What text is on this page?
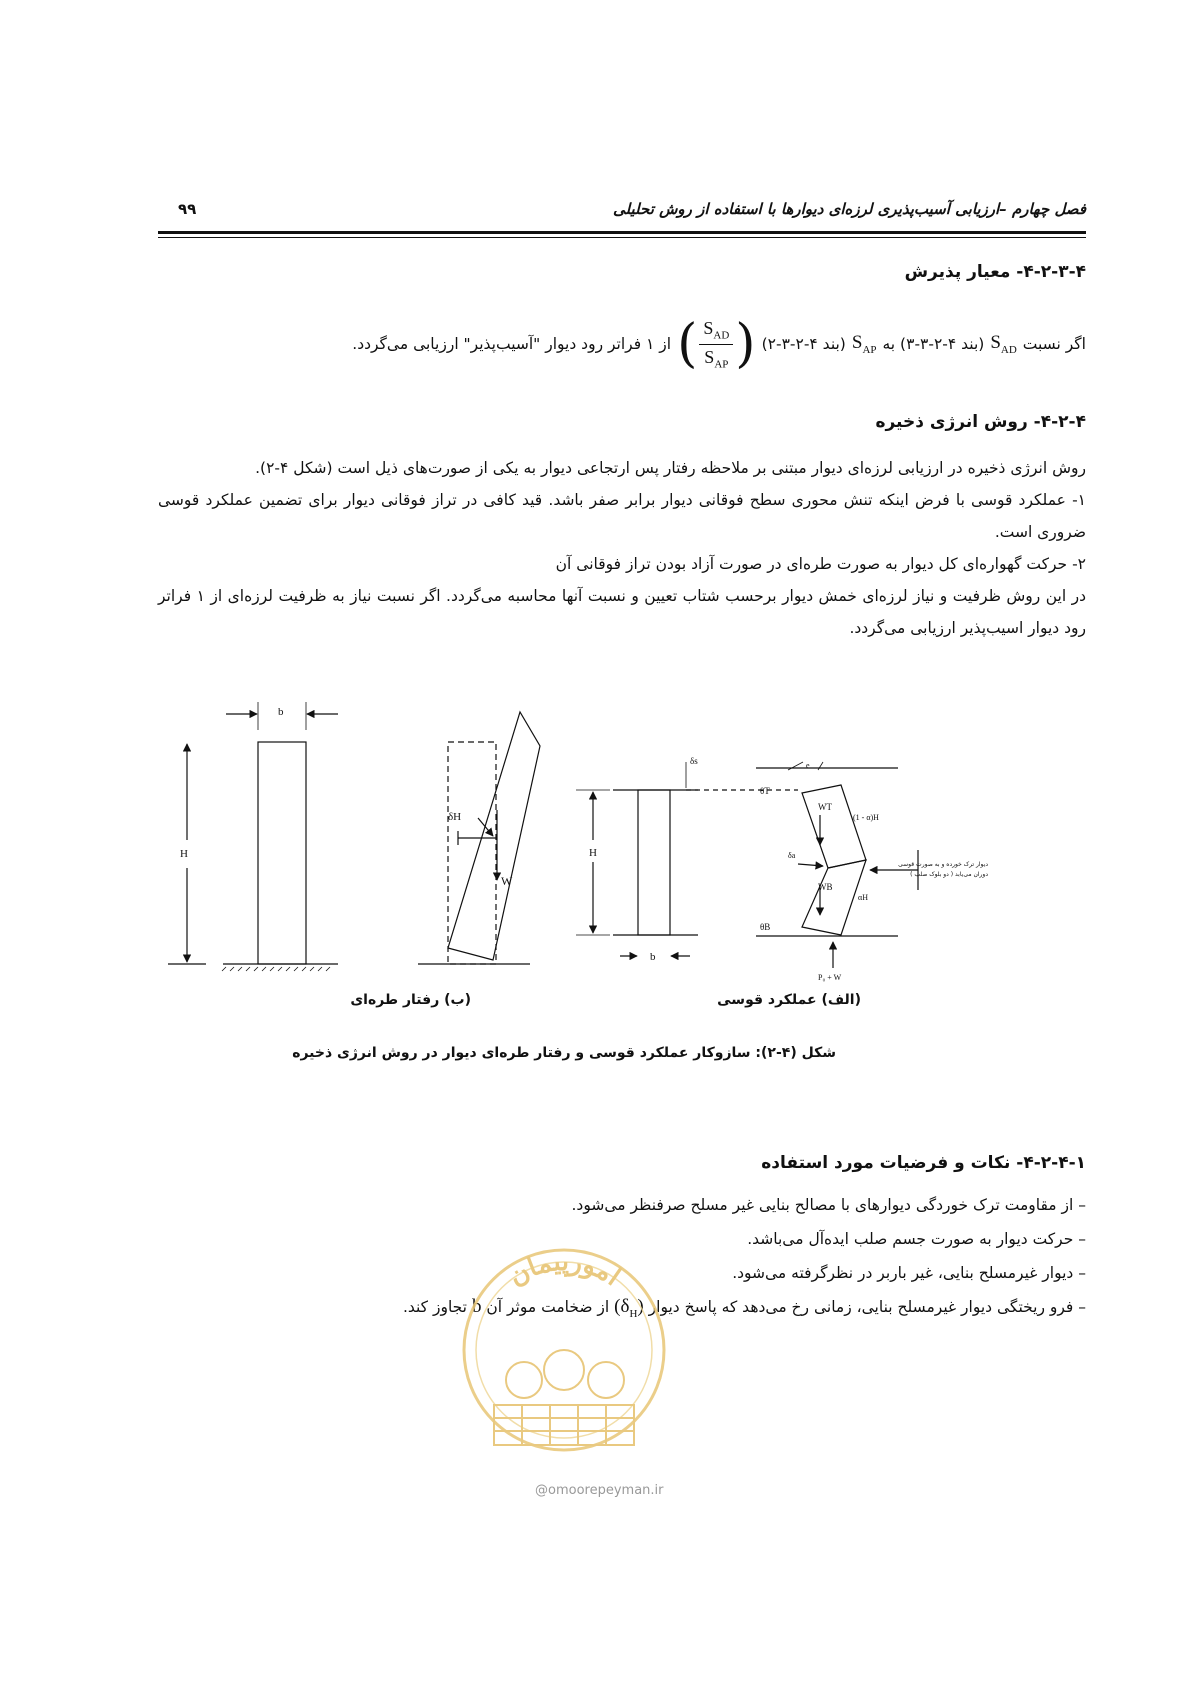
فصل چهارم –ارزیابی آسیب‌پذیری لرزه‌ای دیوارها با استفاده از روش تحلیلی
۹۹
۴-۲-۳-۴- معیار پذیرش
اگر نسبت
$S_{AD}$
(بند ۴-۲-۳-۳) به
$S_{AP}$
(بند ۴-۲-۳-۲)
( $\frac{S_{AD}}{S_{AP}}$ )
از ۱ فراتر رود دیوار "آسیب‌پذیر" ارزیابی می‌گردد.
۴-۲-۴- روش انرژی ذخیره

روش انرژی ذخیره در ارزیابی لرزه‌ای دیوار مبتنی بر ملاحظه رفتار پس ارتجاعی دیوار به یکی از صورت‌های ذیل است (شکل ۴-۲).

۱- عملکرد قوسی با فرض اینکه تنش محوری سطح فوقانی دیوار برابر صفر باشد. قید کافی در تراز فوقانی دیوار برای تضمین عملکرد قوسی ضروری است.

۲- حرکت گهواره‌ای کل دیوار به صورت طره‌ای در صورت آزاد بودن تراز فوقانی آن

در این روش ظرفیت و نیاز لرزه‌ای خمش دیوار برحسب شتاب تعیین و نسبت آنها محاسبه می‌گردد. اگر نسبت نیاز به ظرفیت لرزه‌ای از ۱ فراتر رود دیوار اسیب‌پذیر ارزیابی می‌گردد.

b
H
δH
W
H
b
δs
θT
θB
WT
WB
(1 - α)H
αH
e
δa
P₀ + W
دیوار ترک خورده و به صورت قوسی
( دو بلوک صلب ) دوران می‌یابد
(ب) رفتار طره‌ای	(الف) عملکرد قوسی
شکل (۴-۲): سازوکار عملکرد قوسی و رفتار طره‌ای دیوار در روش انرژی ذخیره
۴-۲-۴-۱- نکات و فرضیات مورد استفاده
– از مقاومت ترک خوردگی دیوارهای با مصالح بنایی غیر مسلح صرفنظر می‌شود.
– حرکت دیوار به صورت جسم صلب ایده‌آل می‌باشد.
– دیوار غیرمسلح بنایی، غیر باربر در نظرگرفته می‌شود.
– فرو ریختگی دیوار غیرمسلح بنایی، زمانی رخ می‌دهد که پاسخ دیوار $(\delta_H)$ از ضخامت موثر آن b تجاوز کند.
امورپیمان
@omoorepeyman.ir
